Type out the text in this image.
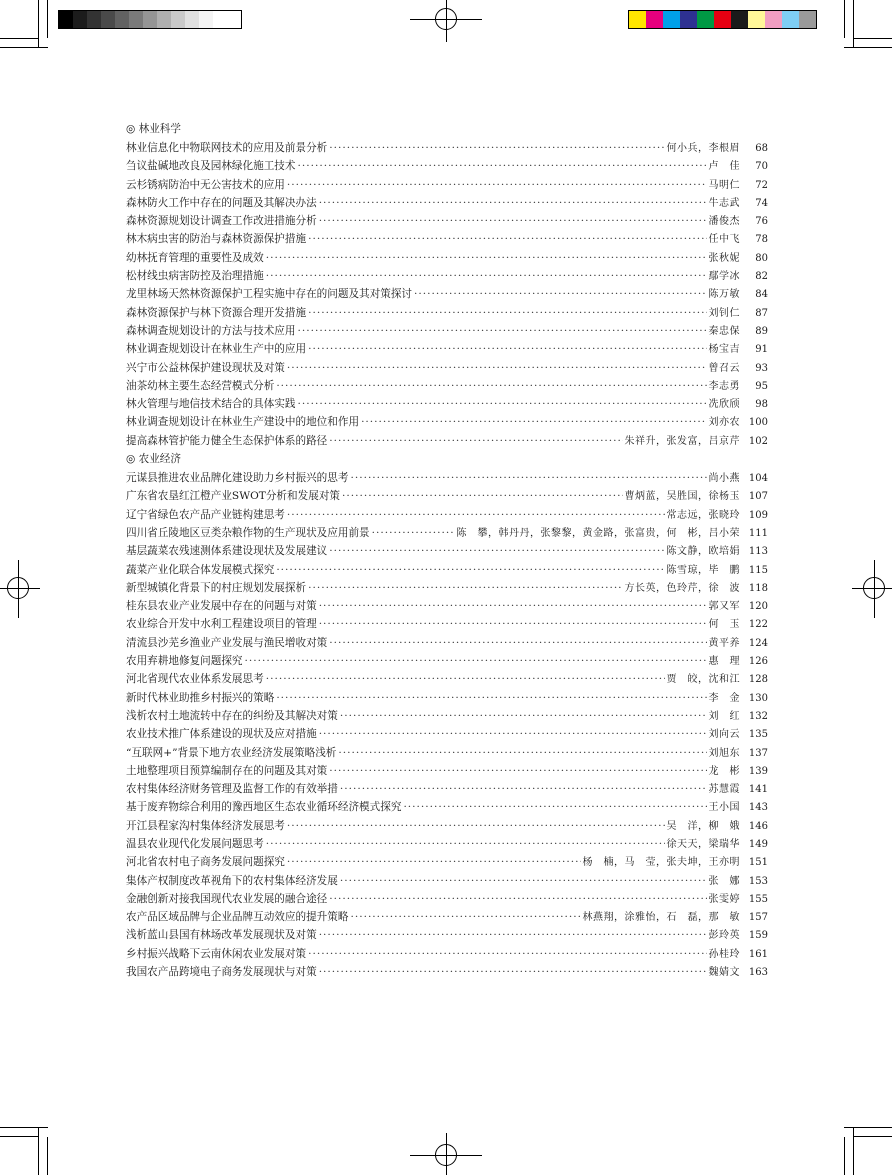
◎ 林业科学
林业信息化中物联网技术的应用及前景分析 ·····	何小兵，李根眉	68
刍议盐碱地改良及园林绿化施工技术 ·····	卢　佳	70
云杉锈病防治中无公害技术的应用 ·····	马明仁	72
森林防火工作中存在的问题及其解决办法 ·····	牛志武	74
森林资源规划设计调查工作改进措施分析 ·····	潘俊杰	76
林木病虫害的防治与森林资源保护措施 ·····	任中飞	78
幼林抚育管理的重要性及成效 ·····	张秋妮	80
松材线虫病害防控及治理措施 ·····	鄢学冰	82
龙里林场天然林资源保护工程实施中存在的问题及其对策探讨 ·····	陈万敏	84
森林资源保护与林下资源合理开发措施 ·····	刘钊仁	87
森林调查规划设计的方法与技术应用 ·····	秦忠保	89
林业调查规划设计在林业生产中的应用 ·····	杨宝吉	91
兴宁市公益林保护建设现状及对策 ·····	曾召云	93
油茶幼林主要生态经营模式分析 ·····	李志勇	95
林火管理与地信技术结合的具体实践 ·····	冼欣颀	98
林业调查规划设计在林业生产建设中的地位和作用 ·····	刘亦农 100
提高森林管护能力健全生态保护体系的路径 ·····	朱祥升，张发富，吕京芹 102
◎ 农业经济
元谋县推进农业品牌化建设助力乡村振兴的思考 ·····	尚小燕 104
广东省农垦红江橙产业SWOT分析和发展对策 ·····	曹炳蓝，吴胜国，徐杨玉 107
辽宁省绿色农产品产业链构建思考 ·····	常志远，张晓玲 109
四川省丘陵地区豆类杂粮作物的生产现状及应用前景 ·····	陈　攀，韩丹丹，张黎黎，黄金路，张富贵，何　彬，吕小荣 111
基层蔬菜农残速测体系建设现状及发展建议 ·····	陈文静，欧培娟 113
蔬菜产业化联合体发展模式探究 ·····	陈雪琼，毕　鹏 115
新型城镇化背景下的村庄规划发展探析 ·····	方长英，色玲芹，徐　波 118
桂东县农业产业发展中存在的问题与对策 ·····	郭又军 120
农业综合开发中水利工程建设项目的管理 ·····	何　玉 122
清流县沙芜乡渔业产业发展与渔民增收对策 ·····	黄平养 124
农用弃耕地修复问题探究 ·····	惠　理 126
河北省现代农业体系发展思考 ·····	贾　皎，沈和江 128
新时代林业助推乡村振兴的策略 ·····	李　金 130
浅析农村土地流转中存在的纠纷及其解决对策 ·····	刘　红 132
农业技术推广体系建设的现状及应对措施 ·····	刘向云 135
“互联网+”背景下地方农业经济发展策略浅析 ·····	刘旭东 137
土地整理项目预算编制存在的问题及其对策 ·····	龙　彬 139
农村集体经济财务管理及监督工作的有效举措 ·····	苏慧霞 141
基于废弃物综合利用的豫西地区生态农业循环经济模式探究 ·····	王小国 143
开江县程家沟村集体经济发展思考 ·····	吴　洋，柳　娥 146
温县农业现代化发展问题思考 ·····	徐天天，梁瑞华 149
河北省农村电子商务发展问题探究 ·····	杨　楠，马　莹，张夫坤，王亦明 151
集体产权制度改革视角下的农村集体经济发展 ·····	张　娜 153
金融创新对接我国现代农业发展的融合途径 ·····	张雯婷 155
农产品区域品牌与企业品牌互动效应的提升策略 ·····	林燕翔，涂雅怡，石　磊，那　敏 157
浅析蓝山县国有林场改革发展现状及对策 ·····	彭玲英 159
乡村振兴战略下云南休闲农业发展对策 ·····	孙桂玲 161
我国农产品跨境电子商务发展现状与对策 ·····	魏婧文 163
